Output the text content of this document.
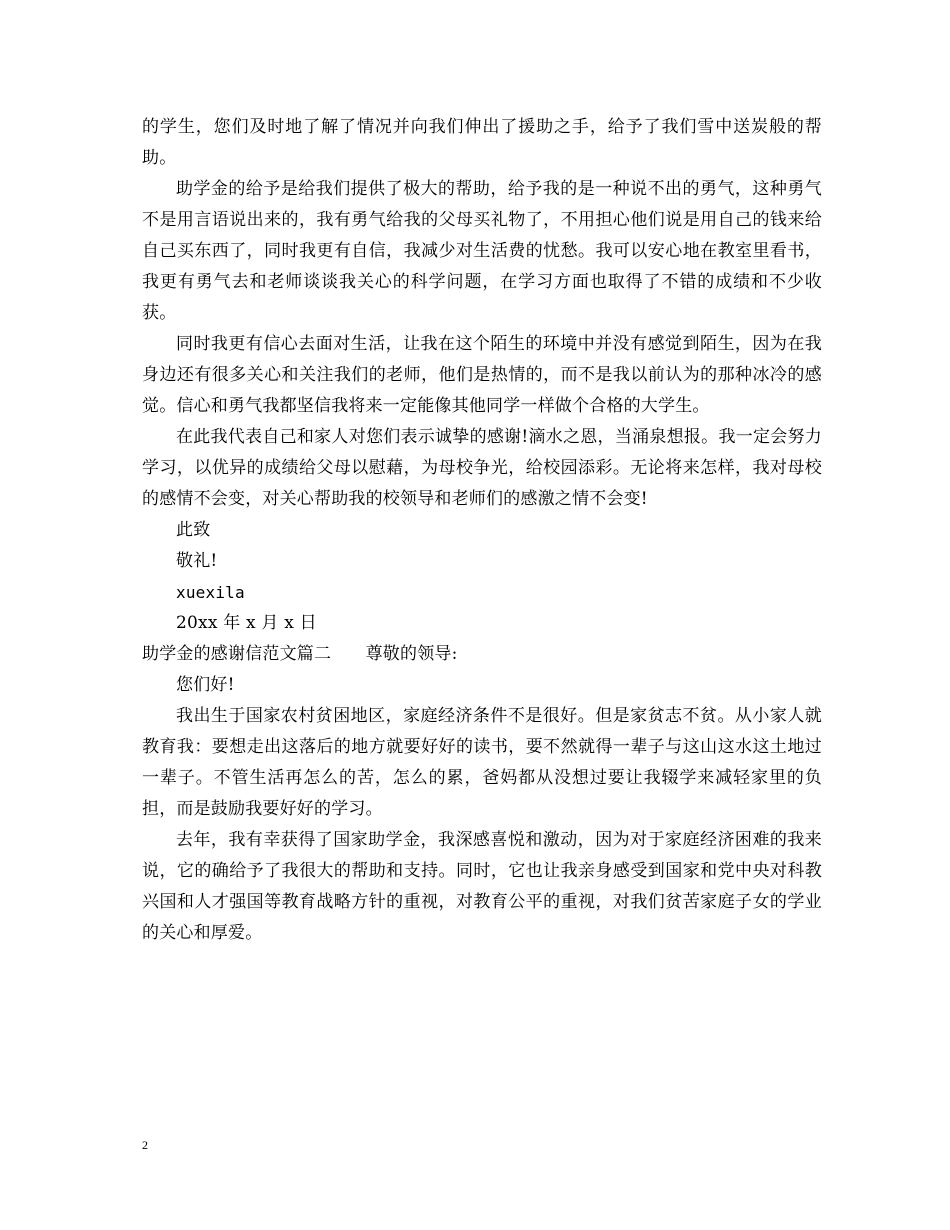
的学生，您们及时地了解了情况并向我们伸出了援助之手，给予了我们雪中送炭般的帮助。

助学金的给予是给我们提供了极大的帮助，给予我的是一种说不出的勇气，这种勇气不是用言语说出来的，我有勇气给我的父母买礼物了，不用担心他们说是用自己的钱来给自己买东西了，同时我更有自信，我减少对生活费的忧愁。我可以安心地在教室里看书，我更有勇气去和老师谈谈我关心的科学问题，在学习方面也取得了不错的成绩和不少收获。

同时我更有信心去面对生活，让我在这个陌生的环境中并没有感觉到陌生，因为在我身边还有很多关心和关注我们的老师，他们是热情的，而不是我以前认为的那种冰冷的感觉。信心和勇气我都坚信我将来一定能像其他同学一样做个合格的大学生。

在此我代表自己和家人对您们表示诚挚的感谢!滴水之恩，当涌泉想报。我一定会努力学习，以优异的成绩给父母以慰藉，为母校争光，给校园添彩。无论将来怎样，我对母校的感情不会变，对关心帮助我的校领导和老师们的感激之情不会变!

此致

敬礼!

xuexila

20xx 年 x 月 x 日

助学金的感谢信范文篇二　　尊敬的领导:

您们好!

我出生于国家农村贫困地区，家庭经济条件不是很好。但是家贫志不贫。从小家人就教育我：要想走出这落后的地方就要好好的读书，要不然就得一辈子与这山这水这土地过一辈子。不管生活再怎么的苦，怎么的累，爸妈都从没想过要让我辍学来减轻家里的负担，而是鼓励我要好好的学习。

去年，我有幸获得了国家助学金，我深感喜悦和激动，因为对于家庭经济困难的我来说，它的确给予了我很大的帮助和支持。同时，它也让我亲身感受到国家和党中央对科教兴国和人才强国等教育战略方针的重视，对教育公平的重视，对我们贫苦家庭子女的学业的关心和厚爱。

2
